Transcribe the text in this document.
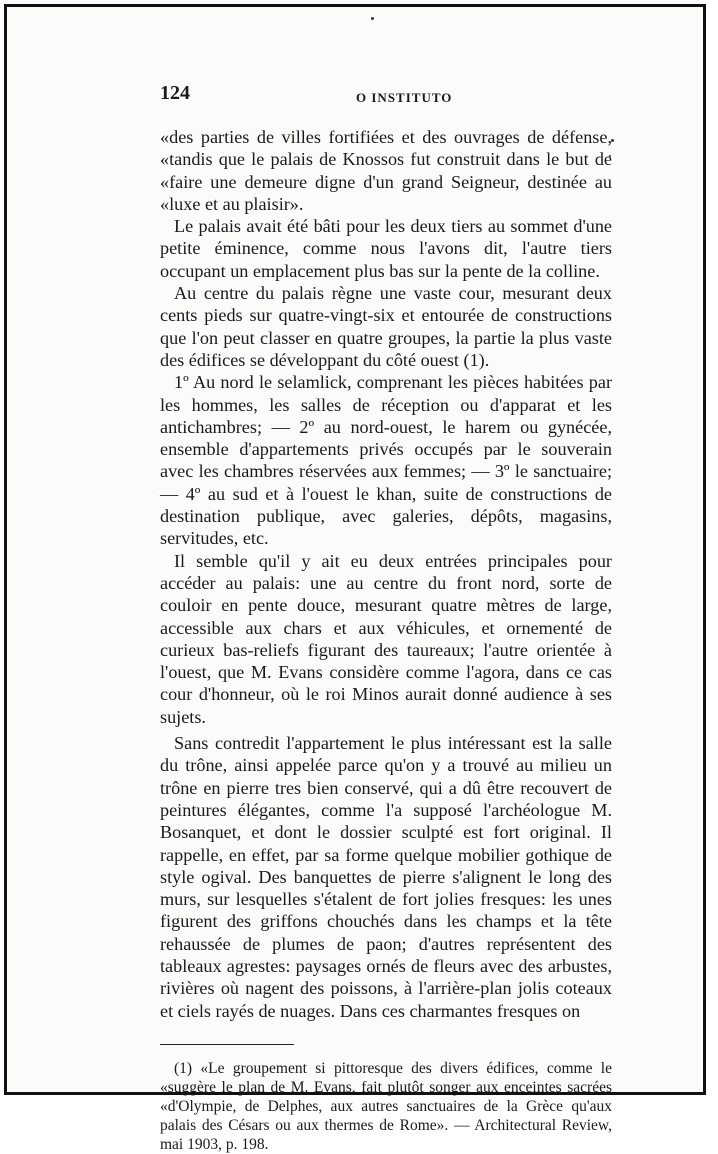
124	O INSTITUTO

«des parties de villes fortifiées et des ouvrages de défense, «tandis que le palais de Knossos fut construit dans le but de «faire une demeure digne d'un grand Seigneur, destinée au «luxe et au plaisir».

Le palais avait été bâti pour les deux tiers au sommet d'une petite éminence, comme nous l'avons dit, l'autre tiers occupant un emplacement plus bas sur la pente de la colline.

Au centre du palais règne une vaste cour, mesurant deux cents pieds sur quatre-vingt-six et entourée de constructions que l'on peut classer en quatre groupes, la partie la plus vaste des édifices se développant du côté ouest (1).

1º Au nord le selamlick, comprenant les pièces habitées par les hommes, les salles de réception ou d'apparat et les antichambres; — 2º au nord-ouest, le harem ou gynécée, ensemble d'appartements privés occupés par le souverain avec les chambres réservées aux femmes; — 3º le sanctuaire; — 4º au sud et à l'ouest le khan, suite de constructions de destination publique, avec galeries, dépôts, magasins, servitudes, etc.

Il semble qu'il y ait eu deux entrées principales pour accéder au palais: une au centre du front nord, sorte de couloir en pente douce, mesurant quatre mètres de large, accessible aux chars et aux véhicules, et ornementé de curieux bas-reliefs figurant des taureaux; l'autre orientée à l'ouest, que M. Evans considère comme l'agora, dans ce cas cour d'honneur, où le roi Minos aurait donné audience à ses sujets.

Sans contredit l'appartement le plus intéressant est la salle du trône, ainsi appelée parce qu'on y a trouvé au milieu un trône en pierre tres bien conservé, qui a dû être recouvert de peintures élégantes, comme l'a supposé l'archéologue M. Bosanquet, et dont le dossier sculpté est fort original. Il rappelle, en effet, par sa forme quelque mobilier gothique de style ogival. Des banquettes de pierre s'alignent le long des murs, sur lesquelles s'étalent de fort jolies fresques: les unes figurent des griffons chouchés dans les champs et la tête rehaussée de plumes de paon; d'autres représentent des tableaux agrestes: paysages ornés de fleurs avec des arbustes, rivières où nagent des poissons, à l'arrière-plan jolis coteaux et ciels rayés de nuages. Dans ces charmantes fresques on

(1) «Le groupement si pittoresque des divers édifices, comme le «suggère le plan de M. Evans, fait plutôt songer aux enceintes sacrées «d'Olympie, de Delphes, aux autres sanctuaires de la Grèce qu'aux palais des Césars ou aux thermes de Rome». — Architectural Review, mai 1903, p. 198.
